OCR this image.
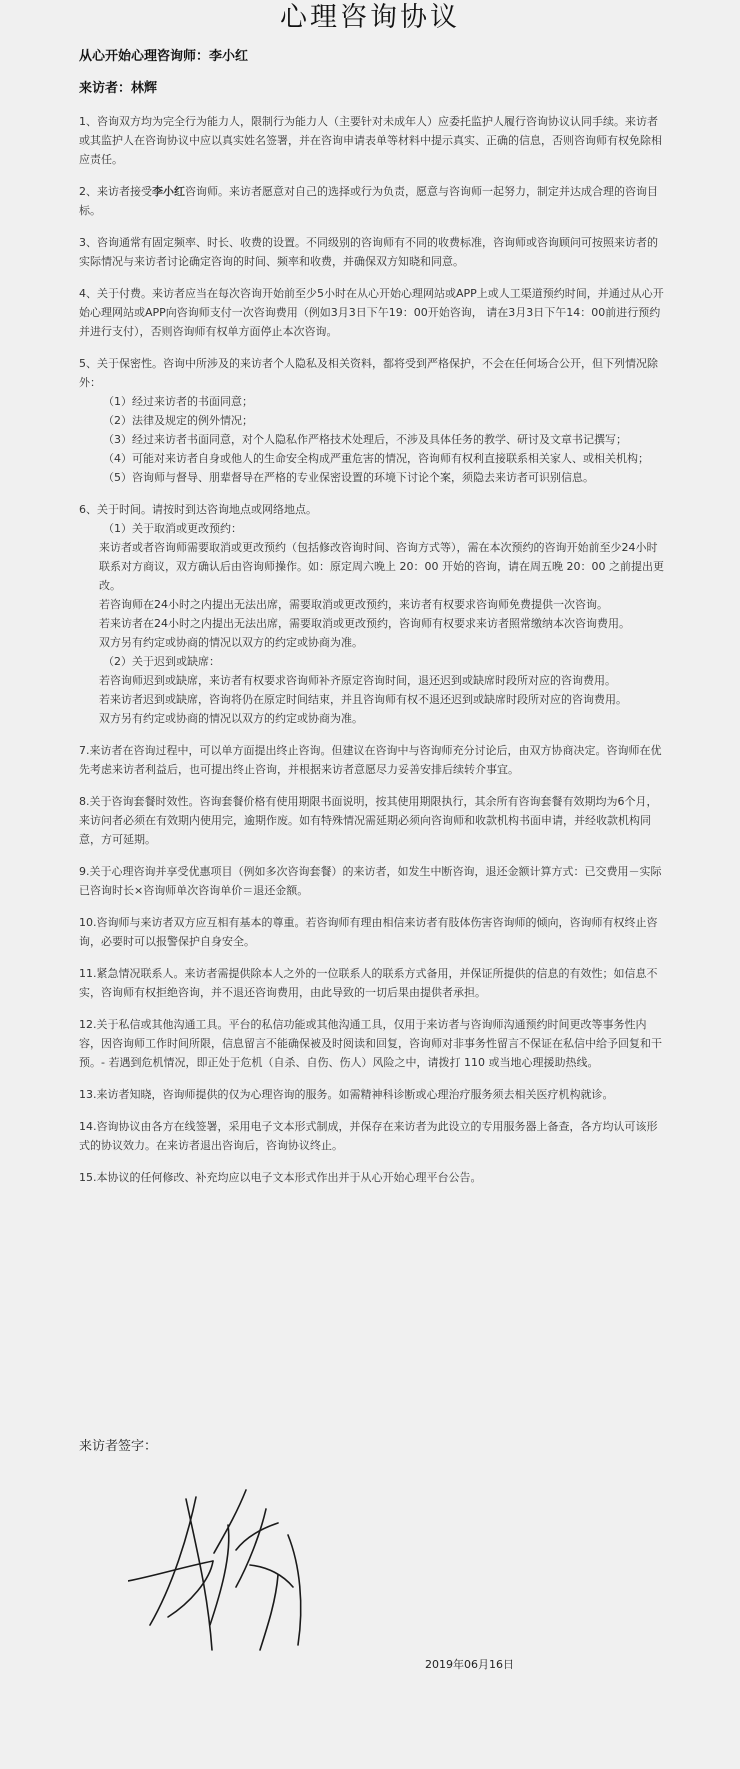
心理咨询协议
从心开始心理咨询师：李小红
来访者：林辉
1、咨询双方均为完全行为能力人，限制行为能力人（主要针对未成年人）应委托监护人履行咨询协议认同手续。来访者或其监护人在咨询协议中应以真实姓名签署，并在咨询申请表单等材料中提示真实、正确的信息，否则咨询师有权免除相应责任。
2、来访者接受李小红咨询师。来访者愿意对自己的选择或行为负责，愿意与咨询师一起努力，制定并达成合理的咨询目标。
3、咨询通常有固定频率、时长、收费的设置。不同级别的咨询师有不同的收费标准，咨询师或咨询顾问可按照来访者的实际情况与来访者讨论确定咨询的时间、频率和收费，并确保双方知晓和同意。
4、关于付费。来访者应当在每次咨询开始前至少5小时在从心开始心理网站或APP上或人工渠道预约时间，并通过从心开始心理网站或APP向咨询师支付一次咨询费用（例如3月3日下午19：00开始咨询， 请在3月3日下午14：00前进行预约并进行支付），否则咨询师有权单方面停止本次咨询。

5、关于保密性。咨询中所涉及的来访者个人隐私及相关资料，都将受到严格保护，不会在任何场合公开，但下列情况除外：

（1）经过来访者的书面同意；

（2）法律及规定的例外情况；

（3）经过来访者书面同意，对个人隐私作严格技术处理后，不涉及具体任务的教学、研讨及文章书记撰写；

（4）可能对来访者自身或他人的生命安全构成严重危害的情况，咨询师有权利直接联系相关家人、或相关机构；

（5）咨询师与督导、朋辈督导在严格的专业保密设置的环境下讨论个案，须隐去来访者可识别信息。

6、关于时间。请按时到达咨询地点或网络地点。

（1）关于取消或更改预约：

来访者或者咨询师需要取消或更改预约（包括修改咨询时间、咨询方式等），需在本次预约的咨询开始前至少24小时联系对方商议，双方确认后由咨询师操作。如：原定周六晚上 20：00 开始的咨询，请在周五晚 20：00 之前提出更改。

若咨询师在24小时之内提出无法出席，需要取消或更改预约，来访者有权要求咨询师免费提供一次咨询。

若来访者在24小时之内提出无法出席，需要取消或更改预约，咨询师有权要求来访者照常缴纳本次咨询费用。

双方另有约定或协商的情况以双方的约定或协商为准。

（2）关于迟到或缺席：

若咨询师迟到或缺席，来访者有权要求咨询师补齐原定咨询时间，退还迟到或缺席时段所对应的咨询费用。

若来访者迟到或缺席，咨询将仍在原定时间结束，并且咨询师有权不退还迟到或缺席时段所对应的咨询费用。

双方另有约定或协商的情况以双方的约定或协商为准。

7.来访者在咨询过程中，可以单方面提出终止咨询。但建议在咨询中与咨询师充分讨论后，由双方协商决定。咨询师在优先考虑来访者利益后，也可提出终止咨询，并根据来访者意愿尽力妥善安排后续转介事宜。
8.关于咨询套餐时效性。咨询套餐价格有使用期限书面说明，按其使用期限执行，其余所有咨询套餐有效期均为6个月，来访问者必须在有效期内使用完，逾期作废。如有特殊情况需延期必须向咨询师和收款机构书面申请，并经收款机构同意，方可延期。
9.关于心理咨询并享受优惠项目（例如多次咨询套餐）的来访者，如发生中断咨询，退还金额计算方式：已交费用－实际已咨询时长×咨询师单次咨询单价＝退还金额。
10.咨询师与来访者双方应互相有基本的尊重。若咨询师有理由相信来访者有肢体伤害咨询师的倾向，咨询师有权终止咨询，必要时可以报警保护自身安全。
11.紧急情况联系人。来访者需提供除本人之外的一位联系人的联系方式备用，并保证所提供的信息的有效性；如信息不实，咨询师有权拒绝咨询，并不退还咨询费用，由此导致的一切后果由提供者承担。
12.关于私信或其他沟通工具。平台的私信功能或其他沟通工具，仅用于来访者与咨询师沟通预约时间更改等事务性内容，因咨询师工作时间所限，信息留言不能确保被及时阅读和回复，咨询师对非事务性留言不保证在私信中给予回复和干预。- 若遇到危机情况，即正处于危机（自杀、自伤、伤人）风险之中，请拨打 110 或当地心理援助热线。
13.来访者知晓，咨询师提供的仅为心理咨询的服务。如需精神科诊断或心理治疗服务须去相关医疗机构就诊。
14.咨询协议由各方在线签署，采用电子文本形式制成，并保存在来访者为此设立的专用服务器上备查，各方均认可该形式的协议效力。在来访者退出咨询后，咨询协议终止。
15.本协议的任何修改、补充均应以电子文本形式作出并于从心开始心理平台公告。
来访者签字：
2019年06月16日
